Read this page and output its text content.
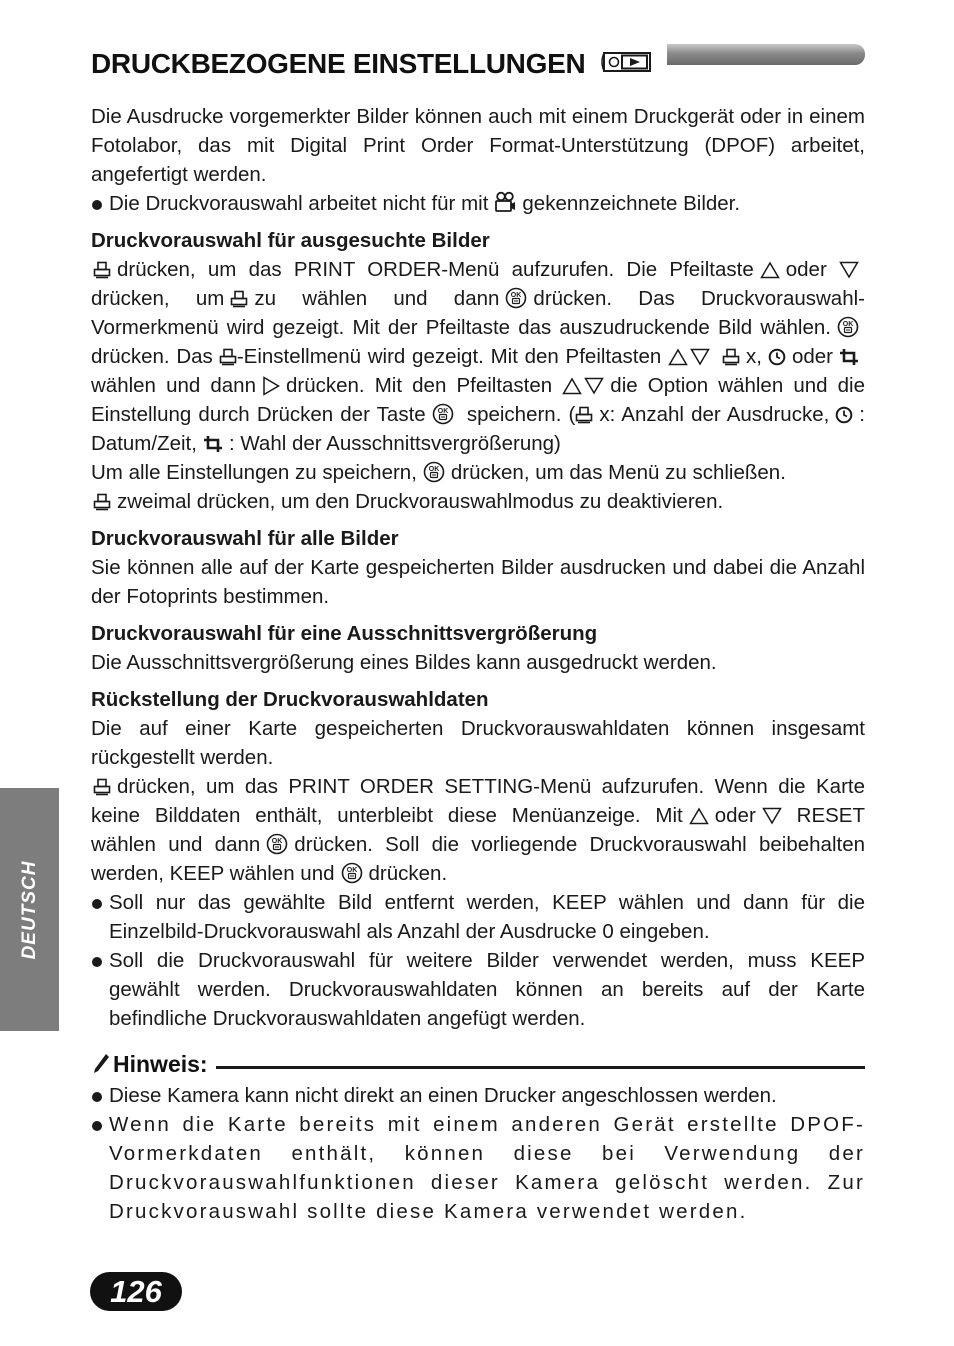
DRUCKBEZOGENE EINSTELLUNGEN

Die Ausdrucke vorgemerkter Bilder können auch mit einem Druckgerät oder in einem Fotolabor, das mit Digital Print Order Format-Unterstützung (DPOF) arbeitet, angefertigt werden.

Die Druckvorauswahl arbeitet nicht für mit gekennzeichnete Bilder.
Druckvorauswahl für ausgesuchte Bilder

drücken, um das PRINT ORDER-Menü aufzurufen. Die Pfeiltaste oder drücken, um zu wählen und dann drücken. Das Druckvorauswahl-Vormerkmenü wird gezeigt. Mit der Pfeiltaste das auszudruckende Bild wählen.drücken. Das -Einstellmenü wird gezeigt. Mit den Pfeiltasten	x, oderwählen und dann drücken. Mit den Pfeiltasten	die Option wählen und die Einstellung durch Drücken der Taste speichern. ( x: Anzahl der Ausdrucke, : Datum/Zeit, : Wahl der Ausschnittsvergrößerung)

Um alle Einstellungen zu speichern, drücken, um das Menü zu schließen.

zweimal drücken, um den Druckvorauswahlmodus zu deaktivieren.

Druckvorauswahl für alle Bilder

Sie können alle auf der Karte gespeicherten Bilder ausdrucken und dabei die Anzahl der Fotoprints bestimmen.

Druckvorauswahl für eine Ausschnittsvergrößerung

Die Ausschnittsvergrößerung eines Bildes kann ausgedruckt werden.

Rückstellung der Druckvorauswahldaten

Die auf einer Karte gespeicherten Druckvorauswahldaten können insgesamt rückgestellt werden.

drücken, um das PRINT ORDER SETTING-Menü aufzurufen. Wenn die Karte keine Bilddaten enthält, unterbleibt diese Menüanzeige. Mit oder RESET wählen und dann drücken. Soll die vorliegende Druckvorauswahl beibehalten werden, KEEP wählen und drücken.

Soll nur das gewählte Bild entfernt werden, KEEP wählen und dann für die Einzelbild-Druckvorauswahl als Anzahl der Ausdrucke 0 eingeben.
Soll die Druckvorauswahl für weitere Bilder verwendet werden, muss KEEP gewählt werden. Druckvorauswahldaten können an bereits auf der Karte befindliche Druckvorauswahldaten angefügt werden.
Hinweis:
Diese Kamera kann nicht direkt an einen Drucker angeschlossen werden.
Wenn die Karte bereits mit einem anderen Gerät erstellte DPOF-Vormerkdaten enthält, können diese bei Verwendung der Druckvorauswahlfunktionen dieser Kamera gelöscht werden. Zur Druckvorauswahl sollte diese Kamera verwendet werden.
DEUTSCH
126
